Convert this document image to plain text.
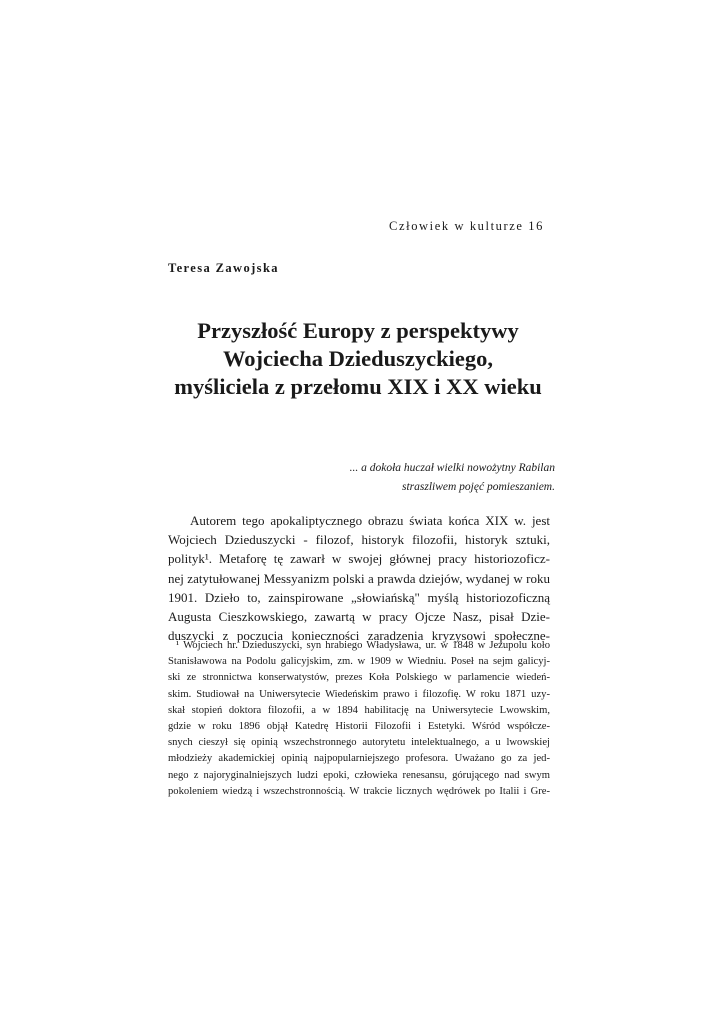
Człowiek w kulturze 16
Teresa Zawojska
Przyszłość Europy z perspektywy
Wojciecha Dzieduszyckiego,
myśliciela z przełomu XIX i XX wieku
... a dokoła huczał wielki nowożytny Rabilan
straszliwem pojęć pomieszaniem.
Autorem tego apokaliptycznego obrazu świata końca XIX w. jest
Wojciech Dzieduszycki - filozof, historyk filozofii, historyk sztuki,
polityk¹. Metaforę tę zawarł w swojej głównej pracy historiozoficz-
nej zatytułowanej Messyanizm polski a prawda dziejów, wydanej w roku
1901. Dzieło to, zainspirowane „słowiańską" myślą historiozoficzną
Augusta Cieszkowskiego, zawartą w pracy Ojcze Nasz, pisał Dzie-
duszycki z poczucia konieczności zaradzenia kryzysowi społeczne-
¹ Wojciech hr. Dzieduszycki, syn hrabiego Władysława, ur. w 1848 w Jezupolu koło
Stanisławowa na Podolu galicyjskim, zm. w 1909 w Wiedniu. Poseł na sejm galicyj-
ski ze stronnictwa konserwatystów, prezes Koła Polskiego w parlamencie wiedeń-
skim. Studiował na Uniwersytecie Wiedeńskim prawo i filozofię. W roku 1871 uzy-
skał stopień doktora filozofii, a w 1894 habilitację na Uniwersytecie Lwowskim,
gdzie w roku 1896 objął Katedrę Historii Filozofii i Estetyki. Wśród współcze-
snych cieszył się opinią wszechstronnego autorytetu intelektualnego, a u lwowskiej
młodzieży akademickiej opinią najpopularniejszego profesora. Uważano go za jed-
nego z najoryginalniejszych ludzi epoki, człowieka renesansu, górującego nad swym
pokoleniem wiedzą i wszechstronnością. W trakcie licznych wędrówek po Italii i Gre-
